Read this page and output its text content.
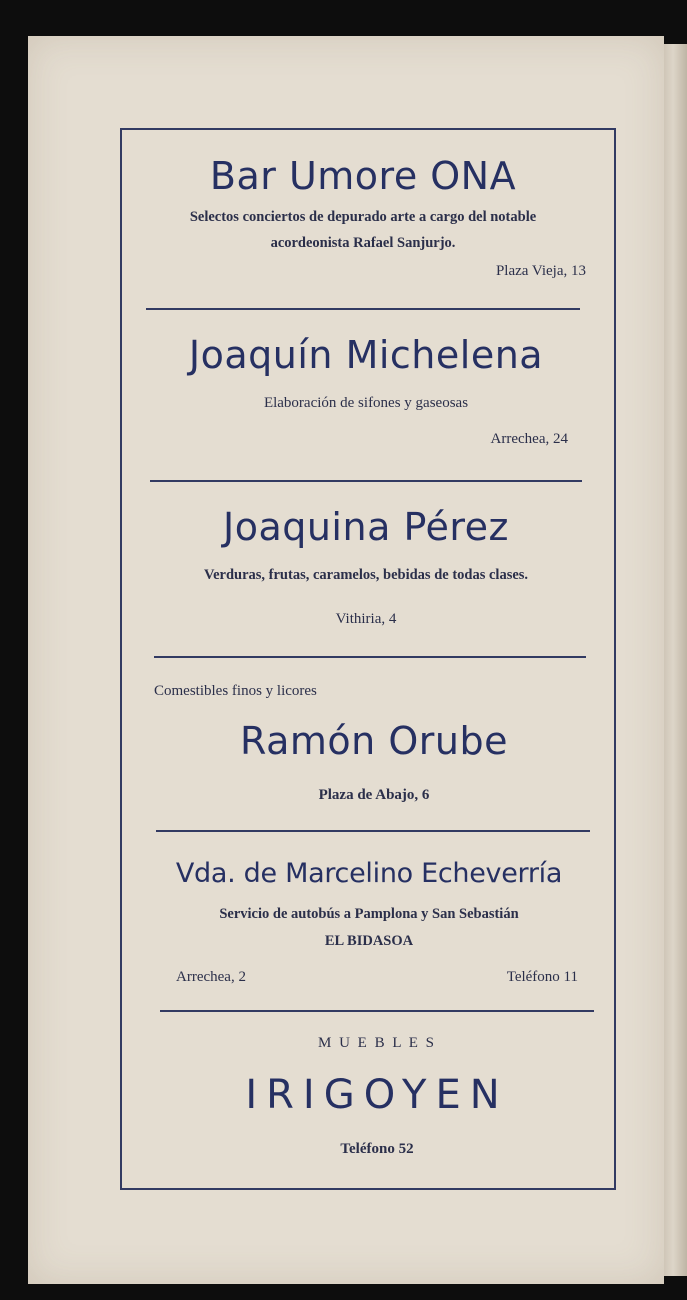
Bar Umore ONA
Selectos conciertos de depurado arte a cargo del notable
acordeonista Rafael Sanjurjo.
Plaza Vieja, 13
Joaquín Michelena
Elaboración de sifones y gaseosas
Arrechea, 24
Joaquina Pérez
Verduras, frutas, caramelos, bebidas de todas clases.
Vithiria, 4
Comestibles finos y licores
Ramón Orube
Plaza de Abajo, 6
Vda. de Marcelino Echeverría
Servicio de autobús a Pamplona y San Sebastián
EL BIDASOA
Arrechea, 2	Teléfono 11
M U E B L E S
IRIGOYEN
Teléfono 52
